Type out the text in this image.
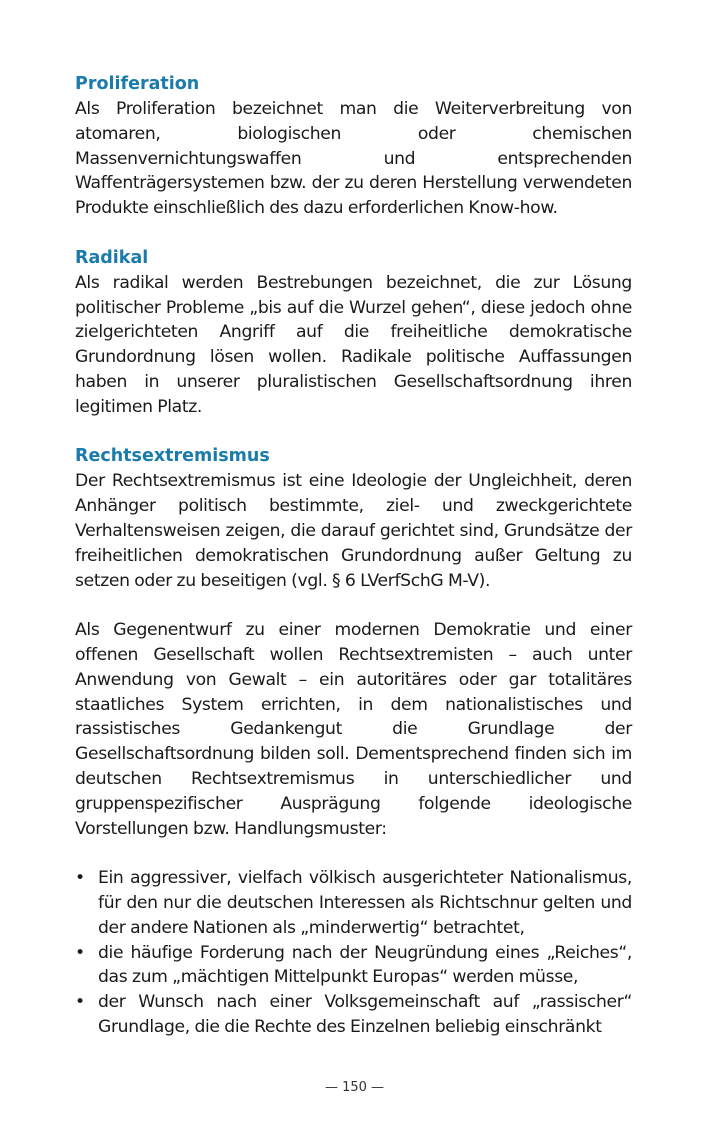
Proliferation

Als Proliferation bezeichnet man die Weiterverbreitung von atomaren, biologischen oder chemischen Massenvernichtungswaffen und entsprechenden Waffenträgersystemen bzw. der zu deren Herstellung verwendeten Produkte einschließlich des dazu erforderlichen Know-how.

Radikal

Als radikal werden Bestrebungen bezeichnet, die zur Lösung politischer Probleme „bis auf die Wurzel gehen“, diese jedoch ohne zielgerichteten Angriff auf die freiheitliche demokratische Grundordnung lösen wollen. Radikale politische Auffassungen haben in unserer pluralistischen Gesellschaftsordnung ihren legitimen Platz.

Rechtsextremismus

Der Rechtsextremismus ist eine Ideologie der Ungleichheit, deren Anhänger politisch bestimmte, ziel- und zweckgerichtete Verhaltensweisen zeigen, die darauf gerichtet sind, Grundsätze der freiheitlichen demokratischen Grundordnung außer Geltung zu setzen oder zu beseitigen (vgl. § 6 LVerfSchG M-V).

Als Gegenentwurf zu einer modernen Demokratie und einer offenen Gesellschaft wollen Rechtsextremisten – auch unter Anwendung von Gewalt – ein autoritäres oder gar totalitäres staatliches System errichten, in dem nationalistisches und rassistisches Gedankengut die Grundlage der Gesellschaftsordnung bilden soll. Dementsprechend finden sich im deutschen Rechtsextremismus in unterschiedlicher und gruppenspezifischer Ausprägung folgende ideologische Vorstellungen bzw. Handlungsmuster:

• Ein aggressiver, vielfach völkisch ausgerichteter Nationalismus, für den nur die deutschen Interessen als Richtschnur gelten und der andere Nationen als „minderwertig“ betrachtet,
• die häufige Forderung nach der Neugründung eines „Reiches“, das zum „mächtigen Mittelpunkt Europas“ werden müsse,
• der Wunsch nach einer Volksgemeinschaft auf „rassischer“ Grundlage, die die Rechte des Einzelnen beliebig einschränkt
— 150 —
